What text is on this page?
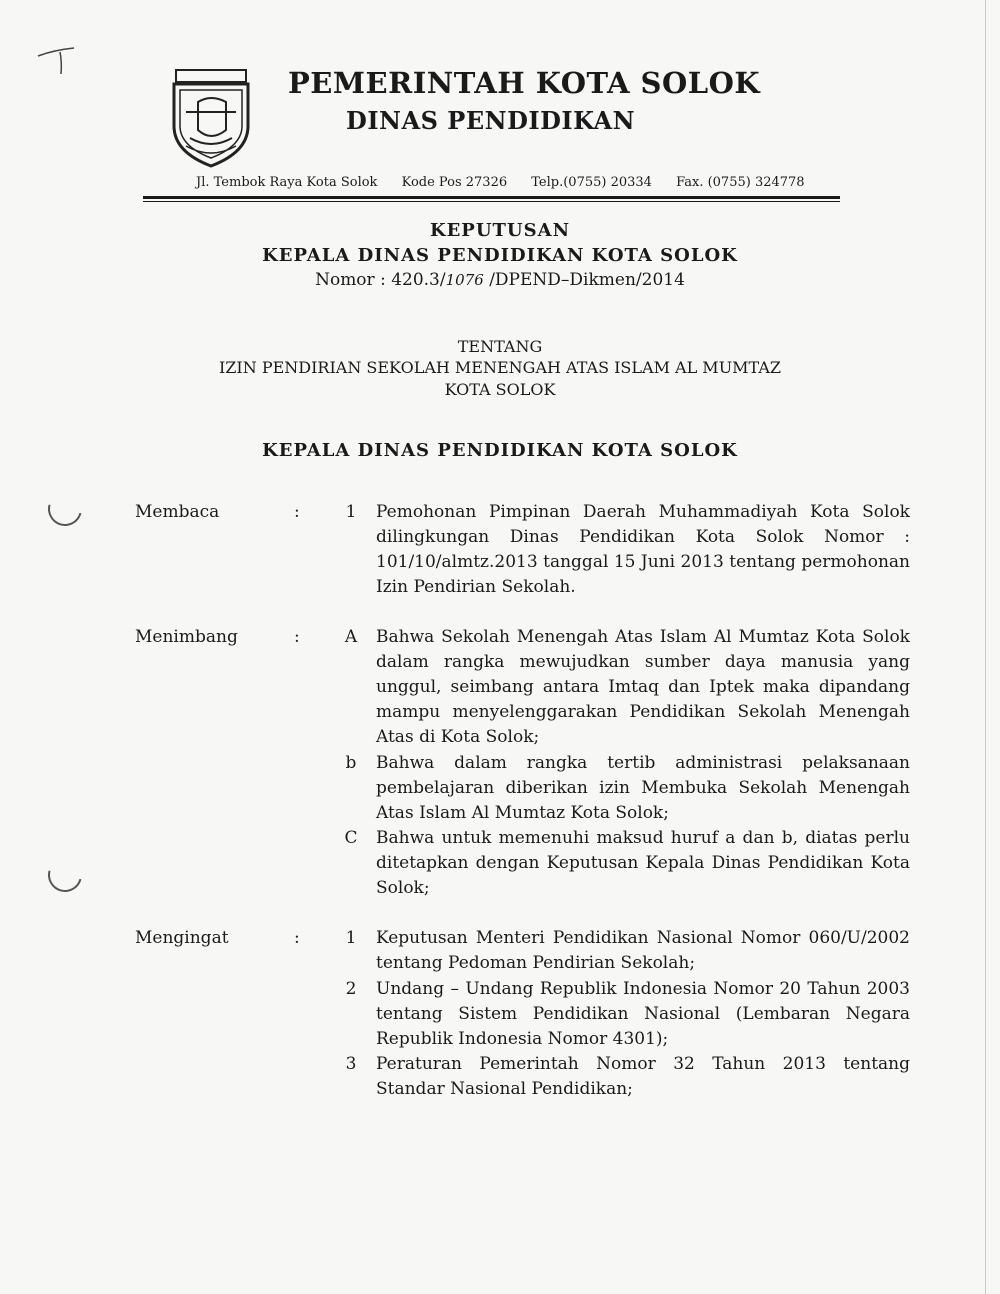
PEMERINTAH KOTA SOLOK
DINAS PENDIDIKAN
Jl. Tembok Raya Kota Solok Kode Pos 27326 Telp.(0755) 20334 Fax. (0755) 324778
KEPUTUSAN
KEPALA DINAS PENDIDIKAN KOTA SOLOK
Nomor : 420.3/1076 /DPEND–Dikmen/2014
TENTANG
IZIN PENDIRIAN SEKOLAH MENENGAH ATAS ISLAM AL MUMTAZ
KOTA SOLOK
KEPALA DINAS PENDIDIKAN KOTA SOLOK
Membaca	:	1	Pemohonan Pimpinan Daerah Muhammadiyah Kota Solok dilingkungan Dinas Pendidikan Kota Solok Nomor : 101/10/almtz.2013 tanggal 15 Juni 2013 tentang permohonan Izin Pendirian Sekolah.
Menimbang	:	A Bahwa Sekolah Menengah Atas Islam Al Mumtaz Kota Solok dalam rangka mewujudkan sumber daya manusia yang unggul, seimbang antara Imtaq dan Iptek maka dipandang mampu menyelenggarakan Pendidikan Sekolah Menengah Atas di Kota Solok;
b	Bahwa dalam rangka tertib administrasi pelaksanaan pembelajaran diberikan izin Membuka Sekolah Menengah Atas Islam Al Mumtaz Kota Solok;
C Bahwa untuk memenuhi maksud huruf a dan b, diatas perlu ditetapkan dengan Keputusan Kepala Dinas Pendidikan Kota Solok;
Mengingat	:	1	Keputusan Menteri Pendidikan Nasional Nomor 060/U/2002 tentang Pedoman Pendirian Sekolah;
2	Undang – Undang Republik Indonesia Nomor 20 Tahun 2003 tentang Sistem Pendidikan Nasional (Lembaran Negara Republik Indonesia Nomor 4301);
3	Peraturan Pemerintah Nomor 32 Tahun 2013 tentang Standar Nasional Pendidikan;
